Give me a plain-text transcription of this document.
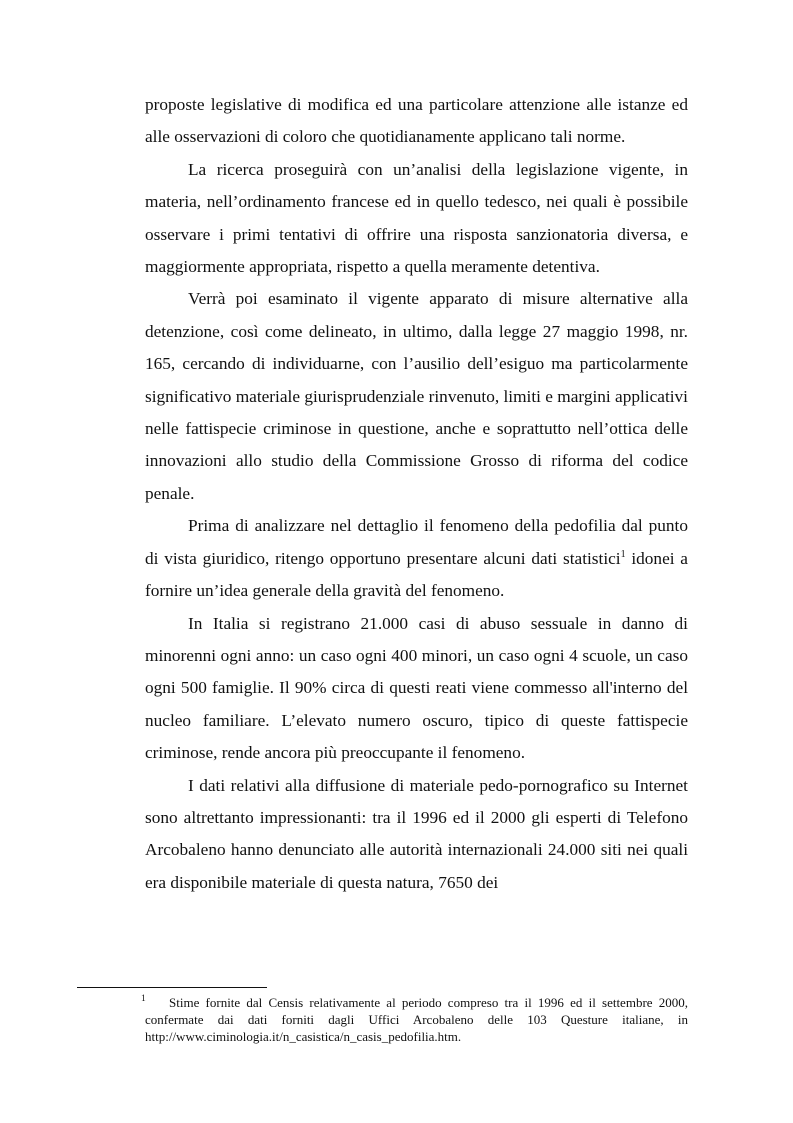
proposte legislative di modifica ed una particolare attenzione alle istanze ed alle osservazioni di coloro che quotidianamente applicano tali norme.

La ricerca proseguirà con un’analisi della legislazione vigente, in materia, nell’ordinamento francese ed in quello tedesco, nei quali è possibile osservare i primi tentativi di offrire una risposta sanzionatoria diversa, e maggiormente appropriata, rispetto a quella meramente detentiva.

Verrà poi esaminato il vigente apparato di misure alternative alla detenzione, così come delineato, in ultimo, dalla legge 27 maggio 1998, nr. 165, cercando di individuarne, con l’ausilio dell’esiguo ma particolarmente significativo materiale giurisprudenziale rinvenuto, limiti e margini applicativi nelle fattispecie criminose in questione, anche e soprattutto nell’ottica delle innovazioni allo studio della Commissione Grosso di riforma del codice penale.

Prima di analizzare nel dettaglio il fenomeno della pedofilia dal punto di vista giuridico, ritengo opportuno presentare alcuni dati statistici$^1$ idonei a fornire un’idea generale della gravità del fenomeno.

In Italia si registrano 21.000 casi di abuso sessuale in danno di minorenni ogni anno: un caso ogni 400 minori, un caso ogni 4 scuole, un caso ogni 500 famiglie. Il 90% circa di questi reati viene commesso all'interno del nucleo familiare. L’elevato numero oscuro, tipico di queste fattispecie criminose, rende ancora più preoccupante il fenomeno.

I dati relativi alla diffusione di materiale pedo-pornografico su Internet sono altrettanto impressionanti: tra il 1996 ed il 2000 gli esperti di Telefono Arcobaleno hanno denunciato alle autorità internazionali 24.000 siti nei quali era disponibile materiale di questa natura, 7650 dei

1	Stime fornite dal Censis relativamente al periodo compreso tra il 1996 ed il settembre 2000, confermate dai dati forniti dagli Uffici Arcobaleno delle 103 Questure italiane, in http://www.ciminologia.it/n_casistica/n_casis_pedofilia.htm.
